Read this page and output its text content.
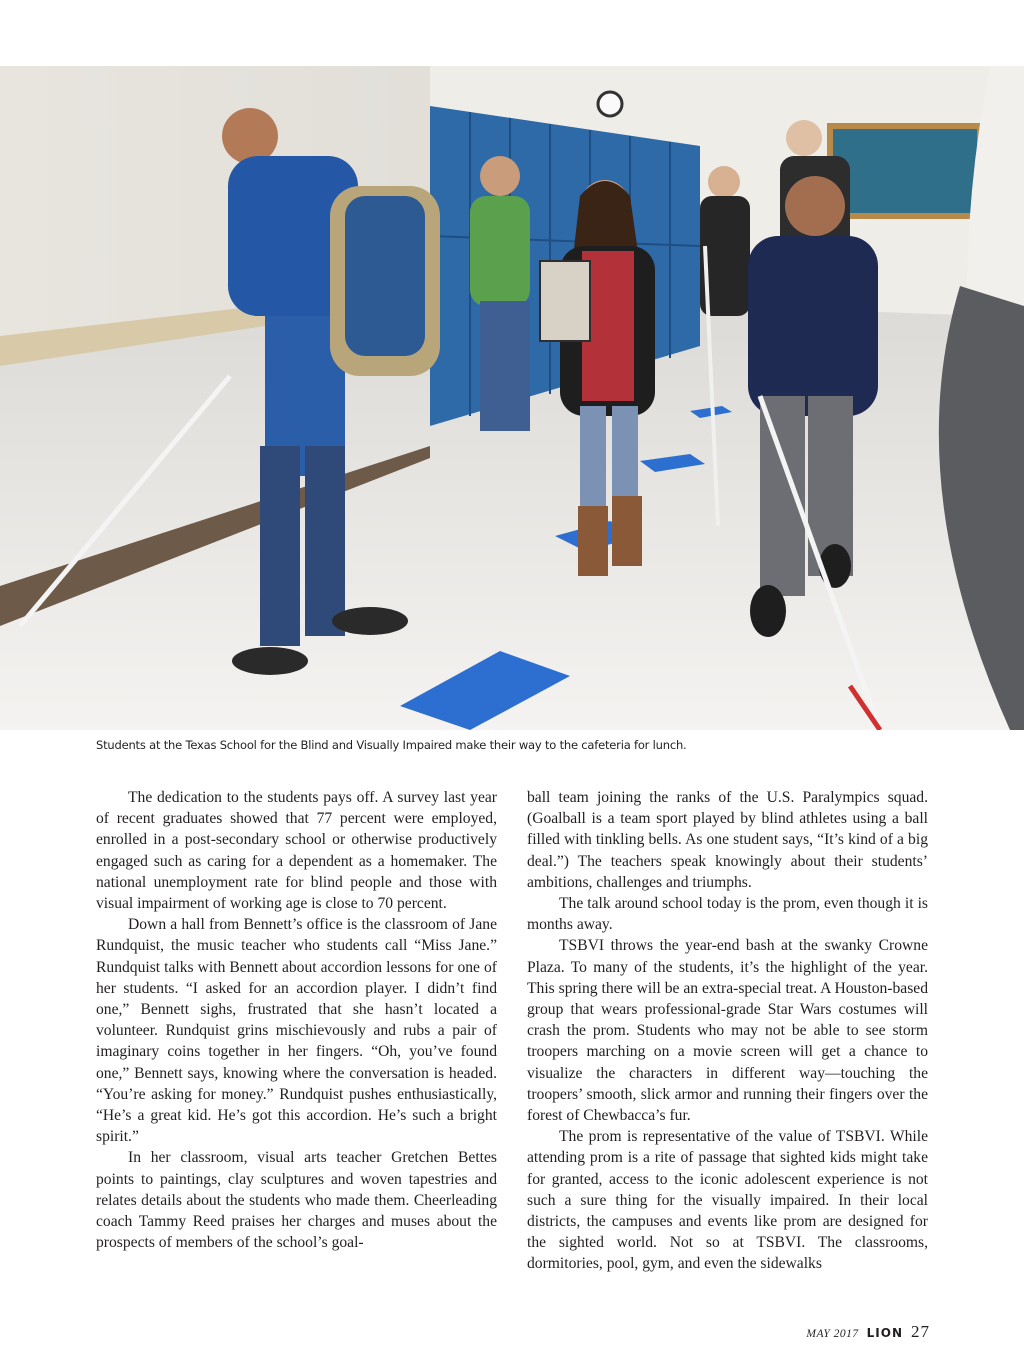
Students at the Texas School for the Blind and Visually Impaired make their way to the cafeteria for lunch.

The dedication to the students pays off. A survey last year of recent graduates showed that 77 percent were employed, enrolled in a post-secondary school or otherwise productively engaged such as caring for a dependent as a homemaker. The national unemployment rate for blind people and those with visual impairment of working age is close to 70 percent.

Down a hall from Bennett’s office is the classroom of Jane Rundquist, the music teacher who students call “Miss Jane.” Rundquist talks with Bennett about accordion lessons for one of her students. “I asked for an accordion player. I didn’t find one,” Bennett sighs, frustrated that she hasn’t located a volunteer. Rundquist grins mischievously and rubs a pair of imaginary coins together in her fingers. “Oh, you’ve found one,” Bennett says, knowing where the conversation is headed. “You’re asking for money.” Rundquist pushes enthusiastically, “He’s a great kid. He’s got this accordion. He’s such a bright spirit.”

In her classroom, visual arts teacher Gretchen Bettes points to paintings, clay sculptures and woven tapestries and relates details about the students who made them. Cheerleading coach Tammy Reed praises her charges and muses about the prospects of members of the school’s goal-

ball team joining the ranks of the U.S. Paralympics squad. (Goalball is a team sport played by blind athletes using a ball filled with tinkling bells. As one student says, “It’s kind of a big deal.”) The teachers speak knowingly about their students’ ambitions, challenges and triumphs.

The talk around school today is the prom, even though it is months away.

TSBVI throws the year-end bash at the swanky Crowne Plaza. To many of the students, it’s the highlight of the year. This spring there will be an extra-special treat. A Houston-based group that wears professional-grade Star Wars costumes will crash the prom. Students who may not be able to see storm troopers marching on a movie screen will get a chance to visualize the characters in different way—touching the troopers’ smooth, slick armor and running their fingers over the forest of Chewbacca’s fur.

The prom is representative of the value of TSBVI. While attending prom is a rite of passage that sighted kids might take for granted, access to the iconic adolescent experience is not such a sure thing for the visually impaired. In their local districts, the campuses and events like prom are designed for the sighted world. Not so at TSBVI. The classrooms, dormitories, pool, gym, and even the sidewalks

MAY 2017 LION 27
